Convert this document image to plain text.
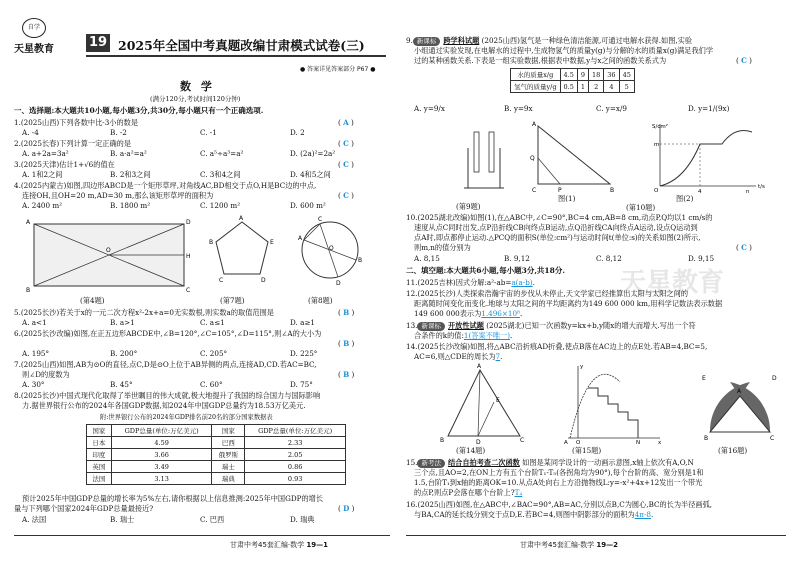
自学
天星教育	19 2025年全国中考真题改编甘肃模式试卷(三)
● 答案详见答案部分 P67 ●
数 学
(满分120分,考试时间120分钟)
一、选择题:本大题共10小题,每小题3分,共30分,每小题只有一个正确选项.
1.(2025山西)下列各数中比-3小的数是	( A )
A. -4	B. -2	C. -1	D. 2
2.(2025长春)下列计算一定正确的是	( C )
A. a+2a=3a²	B. a·a²=a²	C. a⁵÷a³=a²	D. (2a)²=2a²
3.(2025天津)估计1+√6的值在	( C )
A. 1和2之间	B. 2和3之间	C. 3和4之间	D. 4和5之间
4.(2025内蒙古)如图,四边形ABCD是一个矩形草坪,对角线AC,BD相交于点O,H是BC边的中点,
连接OH,且OH=20 m,AD=30 m,那么该矩形草坪的面积为	( C )
A. 2400 m²	B. 1800 m²	C. 1200 m²	D. 600 m²
A	D
B	C
O
H
A
E
D
C
B
A
B
C
D
O
(第4题)	(第7题)	(第8题)
5.(2025长沙)若关于x的一元二次方程x²-2x+a=0无实数根,则实数a的取值范围是	( B )
A. a<1	B. a>1	C. a≤1	D. a≥1
6.(2025长沙改编)如图,在正五边形ABCDE中,∠B=120°,∠C=105°,∠D=115°,则∠A的大小为
( B )
A. 195°	B. 200°	C. 205°	D. 225°
7.(2025山西)如图,AB为⊙O的直径,点C,D是⊙O上位于AB异侧的两点,连接AD,CD.若AC=BC,
则∠D的度数为	( B )
A. 30°	B. 45°	C. 60°	D. 75°
8.(2025长沙)中国式现代化取得了举世瞩目的伟大成就,极大地提升了我国的综合国力与国际影响
力.据世界银行公布的2024年各国GDP数据,知2024年中国GDP总量约为18.53万亿美元.
附:世界银行公布的2024年GDP排名前20名的部分国家数据表
国家	GDP总量(单位:万亿美元)	国家	GDP总量(单位:万亿美元)
日本	4.59	巴西	2.33
印度	3.66	俄罗斯	2.05
英国	3.49	瑞士	0.86
法国	3.13	瑞典	0.93
预计2025年中国GDP总量的增长率为5%左右,请你根据以上信息推测:2025年中国GDP的增长
量与下列哪个国家2024年GDP总量最接近?	( D )
A. 法国	B. 瑞士	C. 巴西	D. 瑞典
甘肃中考45套汇编·数学 19—1
9. 新课标 跨学科试题 (2025山西)氢气是一种绿色清洁能源,可通过电解水获得.如图,实验
小组通过实验发现,在电解水的过程中,生成物氢气的质量y(g)与分解的水的质量x(g)满足我们学
过的某种函数关系.下表是一组实验数据,根据表中数据,y与x之间的函数关系式为	( C )
水的质量x/g	4.5	9	18	36	45
氢气的质量y/g	0.5	1	2	4	5
A. y=9/x	B. y=9x	C. y=x/9	D. y=1/(9x)
A
C	B
Q
P
S/cm²
m
O	4	n
t/s
(第9题)
图(1)	图(2)
(第10题)
10.(2025湖北改编)如图(1),在△ABC中,∠C=90°,BC=4 cm,AB=8 cm,动点P,Q均以1 cm/s的
速度从点C同时出发,点P沿折线CB向终点B运动,点Q沿折线CA向终点A运动,设点Q运动到
点A时,即点都停止运动.△PCQ的面积S(单位:cm²)与运动时间t(单位:s)的关系如图(2)所示,
则m,n的值分别为	( C )
A. 8,15	B. 9,12	C. 8,12	D. 9,15
天星教育
二、填空题:本大题共6小题,每小题3分,共18分.
11.(2025吉林)因式分解:a²-ab=a(a-b).
12.(2025长沙)人类探索浩瀚宇宙的步伐从未停止,天文学家已经推算出太阳与太阳之间的
距离随时间变化而变化.地球与太阳之间的平均距离约为149 600 000 km,用科学记数法表示数据
149 600 000表示为1.496×10⁸.
13. 新课标 开放性试题 (2025湖北)已知一次函数y=kx+b,y随x的增大而增大.写出一个符
合条件的k的值:1(答案不唯一).
14.(2025长沙改编)如图,将△ABC沿折痕AD折叠,使点B落在AC边上的点E处.若AB=4,BC=5,
AC=6,则△CDE的周长为7.
A
B	D	C
E
A O	N	x
y
A
B	C
E	D
(第14题)	(第15题)	(第16题)
15. 新考法 结合自拍考查二次函数 如图是某同学设计的一动画示意图,x轴上依次有A,O,N
三个点,且AO=2,在ON上方有五个台阶T₁-T₅(各拐角均为90°),每个台阶的高、宽分别是1和
1.5,台阶T₁到x轴的距离OK=10.从点A处向右上方沿抛物线L:y=-x²+4x+12发出一个带光
的点P,则点P会落在哪个台阶上?T₄
16.(2025山西)如图,在△ABC中,∠BAC=90°,AB=AC,分别以点B,C为圆心,BC的长为半径画弧,
与BA,CA的延长线分别交于点D,E.若BC=4,则图中阴影部分的面积为4π-8.
甘肃中考45套汇编·数学 19—2
